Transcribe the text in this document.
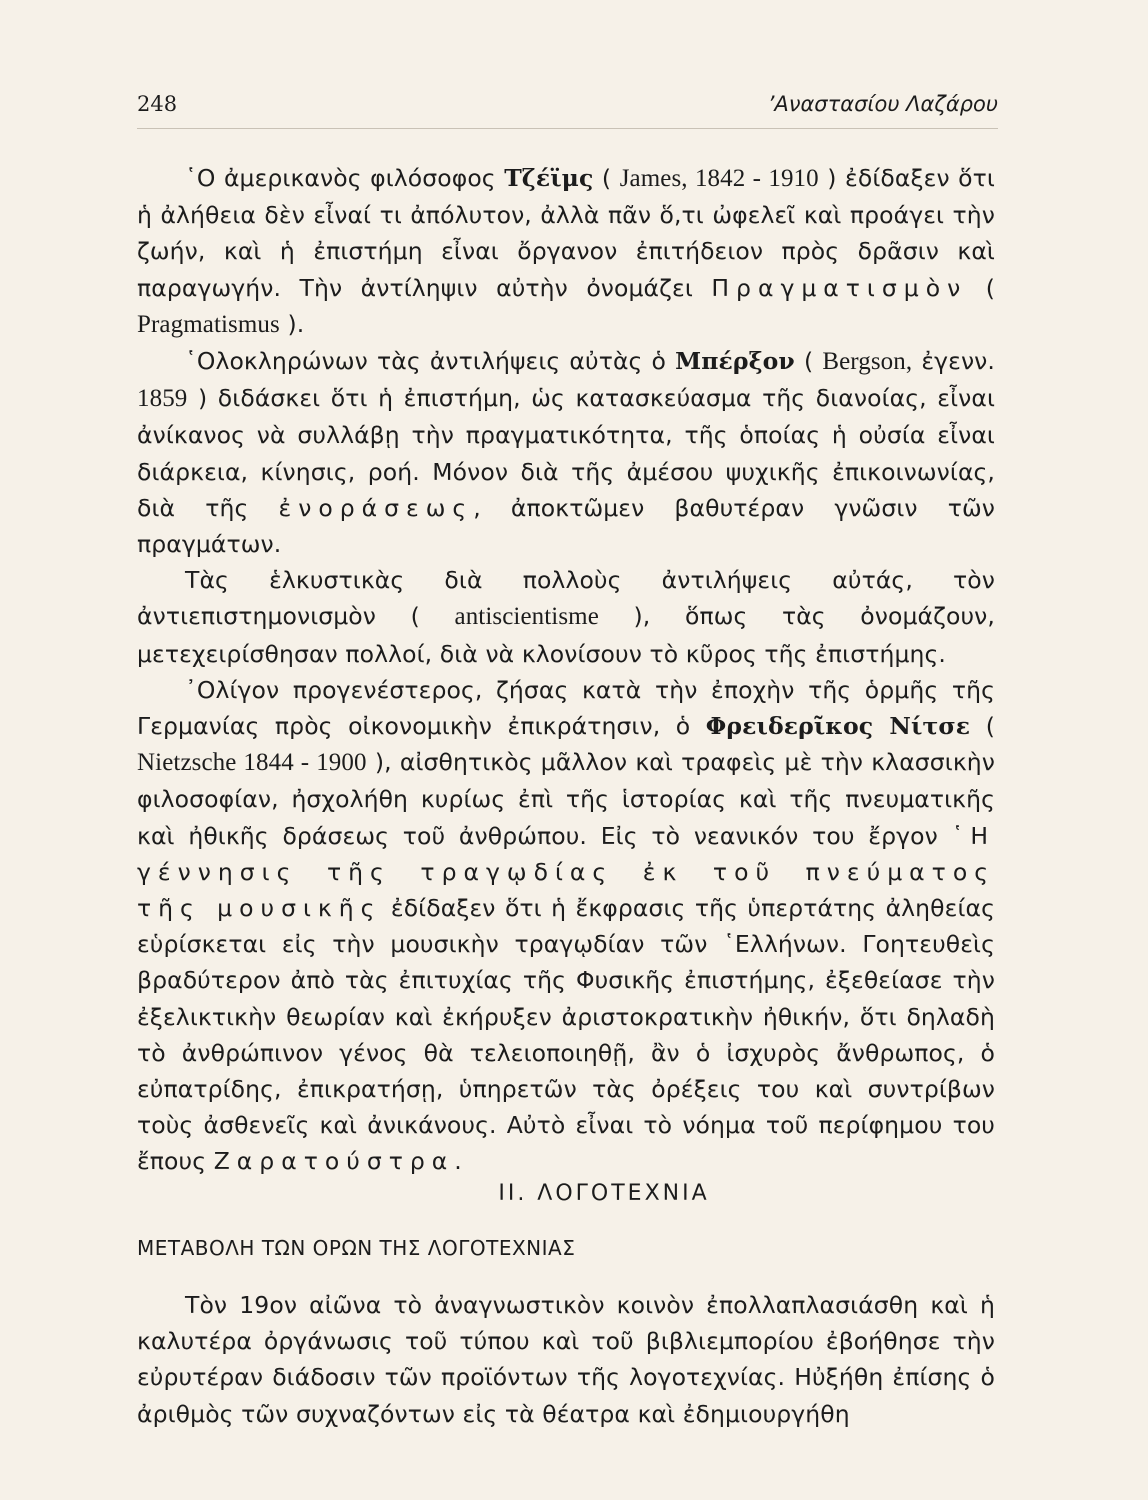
248	’Αναστασίου Λαζάρου

῾Ο ἀμερικανὸς φιλόσοφος Τζέϊμς ( James, 1842 - 1910 ) ἐδίδαξεν ὅτι ἡ ἀλήθεια δὲν εἶναί τι ἀπόλυτον, ἀλλὰ πᾶν ὅ,τι ὠφελεῖ καὶ προάγει τὴν ζωήν, καὶ ἡ ἐπιστήμη εἶναι ὄργανον ἐπιτήδειον πρὸς δρᾶσιν καὶ παραγωγήν. Τὴν ἀντίληψιν αὐτὴν ὀνομάζει Πραγματισμὸν ( Pragmatismus ).

῾Ολοκληρώνων τὰς ἀντιλήψεις αὐτὰς ὁ Μπέρξον ( Bergson, ἐγενν. 1859 ) διδάσκει ὅτι ἡ ἐπιστήμη, ὡς κατασκεύασμα τῆς διανοίας, εἶναι ἀνίκανος νὰ συλλάβῃ τὴν πραγματικότητα, τῆς ὁποίας ἡ οὐσία εἶναι διάρκεια, κίνησις, ροή. Μόνον διὰ τῆς ἀμέσου ψυχικῆς ἐπικοινωνίας, διὰ τῆς ἐνοράσεως, ἀποκτῶμεν βαθυτέραν γνῶσιν τῶν πραγμάτων.

Τὰς ἑλκυστικὰς διὰ πολλοὺς ἀντιλήψεις αὐτάς, τὸν ἀντιεπιστημονισμὸν ( antiscientisme ), ὅπως τὰς ὀνομάζουν, μετεχειρίσθησαν πολλοί, διὰ νὰ κλονίσουν τὸ κῦρος τῆς ἐπιστήμης.

᾿Ολίγον προγενέστερος, ζήσας κατὰ τὴν ἐποχὴν τῆς ὁρμῆς τῆς Γερμανίας πρὸς οἰκονομικὴν ἐπικράτησιν, ὁ Φρειδερῖκος Νίτσε ( Nietzsche 1844 - 1900 ), αἰσθητικὸς μᾶλλον καὶ τραφεὶς μὲ τὴν κλασσικὴν φιλοσοφίαν, ἠσχολήθη κυρίως ἐπὶ τῆς ἱστορίας καὶ τῆς πνευματικῆς καὶ ἠθικῆς δράσεως τοῦ ἀνθρώπου. Εἰς τὸ νεανικόν του ἔργον ῾Η γέννησις τῆς τραγῳδίας ἐκ τοῦ πνεύματος τῆς μουσικῆς ἐδίδαξεν ὅτι ἡ ἔκφρασις τῆς ὑπερτάτης ἀληθείας εὑρίσκεται εἰς τὴν μουσικὴν τραγῳδίαν τῶν ῾Ελλήνων. Γοητευθεὶς βραδύτερον ἀπὸ τὰς ἐπιτυχίας τῆς Φυσικῆς ἐπιστήμης, ἐξεθείασε τὴν ἐξελικτικὴν θεωρίαν καὶ ἐκήρυξεν ἀριστοκρατικὴν ἠθικήν, ὅτι δηλαδὴ τὸ ἀνθρώπινον γένος θὰ τελειοποιηθῇ, ἂν ὁ ἰσχυρὸς ἄνθρωπος, ὁ εὐπατρίδης, ἐπικρατήσῃ, ὑπηρετῶν τὰς ὀρέξεις του καὶ συντρίβων τοὺς ἀσθενεῖς καὶ ἀνικάνους. Αὐτὸ εἶναι τὸ νόημα τοῦ περίφημου του ἔπους Ζαρατούστρα.

ΙΙ. ΛΟΓΟΤΕΧΝΙΑ
ΜΕΤΑΒΟΛΗ ΤΩΝ ΟΡΩΝ ΤΗΣ ΛΟΓΟΤΕΧΝΙΑΣ

Τὸν 19ον αἰῶνα τὸ ἀναγνωστικὸν κοινὸν ἐπολλαπλασιάσθη καὶ ἡ καλυτέρα ὀργάνωσις τοῦ τύπου καὶ τοῦ βιβλιεμπορίου ἐβοήθησε τὴν εὐρυτέραν διάδοσιν τῶν προϊόντων τῆς λογοτεχνίας. Ηὐξήθη ἐπίσης ὁ ἀριθμὸς τῶν συχναζόντων εἰς τὰ θέατρα καὶ ἐδημιουργήθη
